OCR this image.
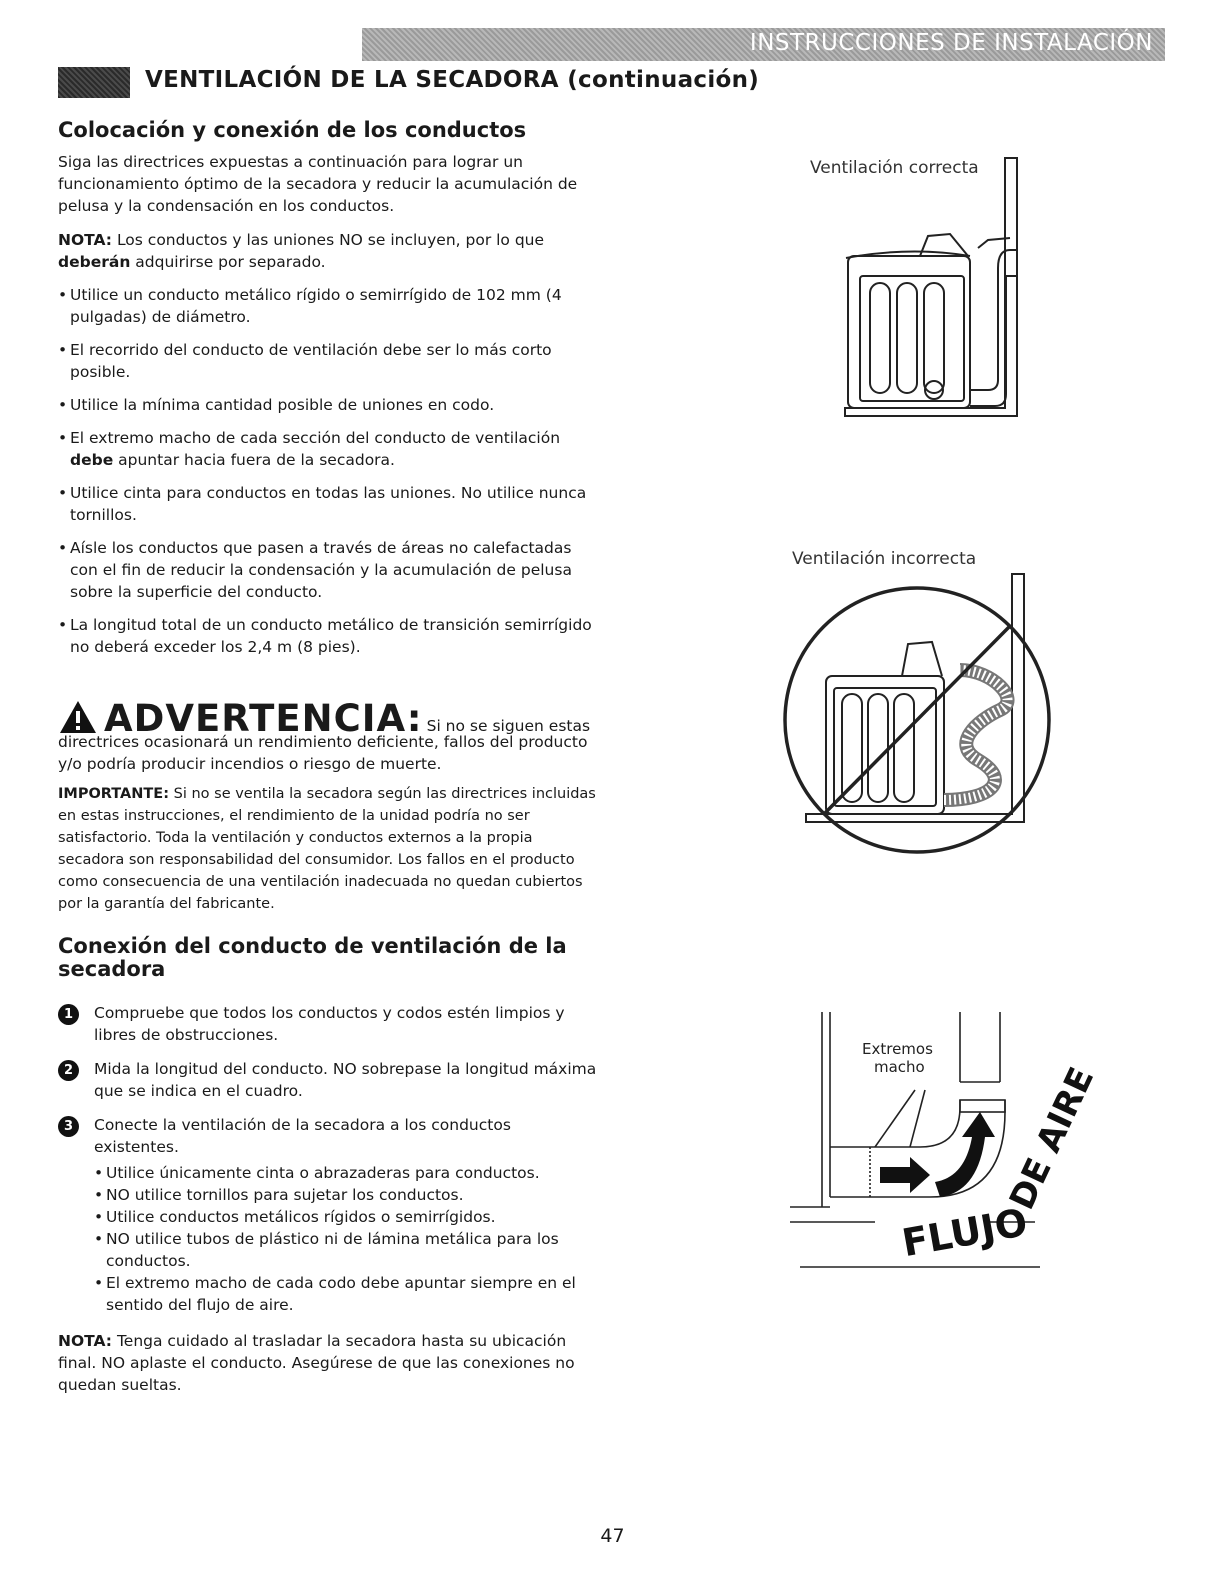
INSTRUCCIONES DE INSTALACIÓN
VENTILACIÓN DE LA SECADORA (continuación)
Colocación y conexión de los conductos

Siga las directrices expuestas a continuación para lograr un funcionamiento óptimo de la secadora y reducir la acumulación de pelusa y la condensación en los conductos.

NOTA: Los conductos y las uniones NO se incluyen, por lo que deberán adquirirse por separado.

• Utilice un conducto metálico rígido o semirrígido de 102 mm (4 pulgadas) de diámetro.
• El recorrido del conducto de ventilación debe ser lo más corto posible.
• Utilice la mínima cantidad posible de uniones en codo.
• El extremo macho de cada sección del conducto de ventilación debe apuntar hacia fuera de la secadora.
• Utilice cinta para conductos en todas las uniones. No utilice nunca tornillos.
• Aísle los conductos que pasen a través de áreas no calefactadas con el fin de reducir la condensación y la acumulación de pelusa sobre la superficie del conducto.
• La longitud total de un conducto metálico de transición semirrígido no deberá exceder los 2,4 m (8 pies).
ADVERTENCIA: Si no se siguen estas

directrices ocasionará un rendimiento deficiente, fallos del producto y/o podría producir incendios o riesgo de muerte.

IMPORTANTE: Si no se ventila la secadora según las directrices incluidas en estas instrucciones, el rendimiento de la unidad podría no ser satisfactorio. Toda la ventilación y conductos externos a la propia secadora son responsabilidad del consumidor. Los fallos en el producto como consecuencia de una ventilación inadecuada no quedan cubiertos por la garantía del fabricante.

Conexión del conducto de ventilación de la
secadora
1	Compruebe que todos los conductos y codos estén limpios y libres de obstrucciones.
2	Mida la longitud del conducto. NO sobrepase la longitud máxima que se indica en el cuadro.
3	Conecte la ventilación de la secadora a los conductos existentes.
• Utilice únicamente cinta o abrazaderas para conductos.
• NO utilice tornillos para sujetar los conductos.
• Utilice conductos metálicos rígidos o semirrígidos.
• NO utilice tubos de plástico ni de lámina metálica para los conductos.
• El extremo macho de cada codo debe apuntar siempre en el sentido del flujo de aire.

NOTA: Tenga cuidado al trasladar la secadora hasta su ubicación final. NO aplaste el conducto. Asegúrese de que las conexiones no quedan sueltas.

Ventilación correcta
Ventilación incorrecta
Extremos
macho
FLUJO
DE AIRE
47
